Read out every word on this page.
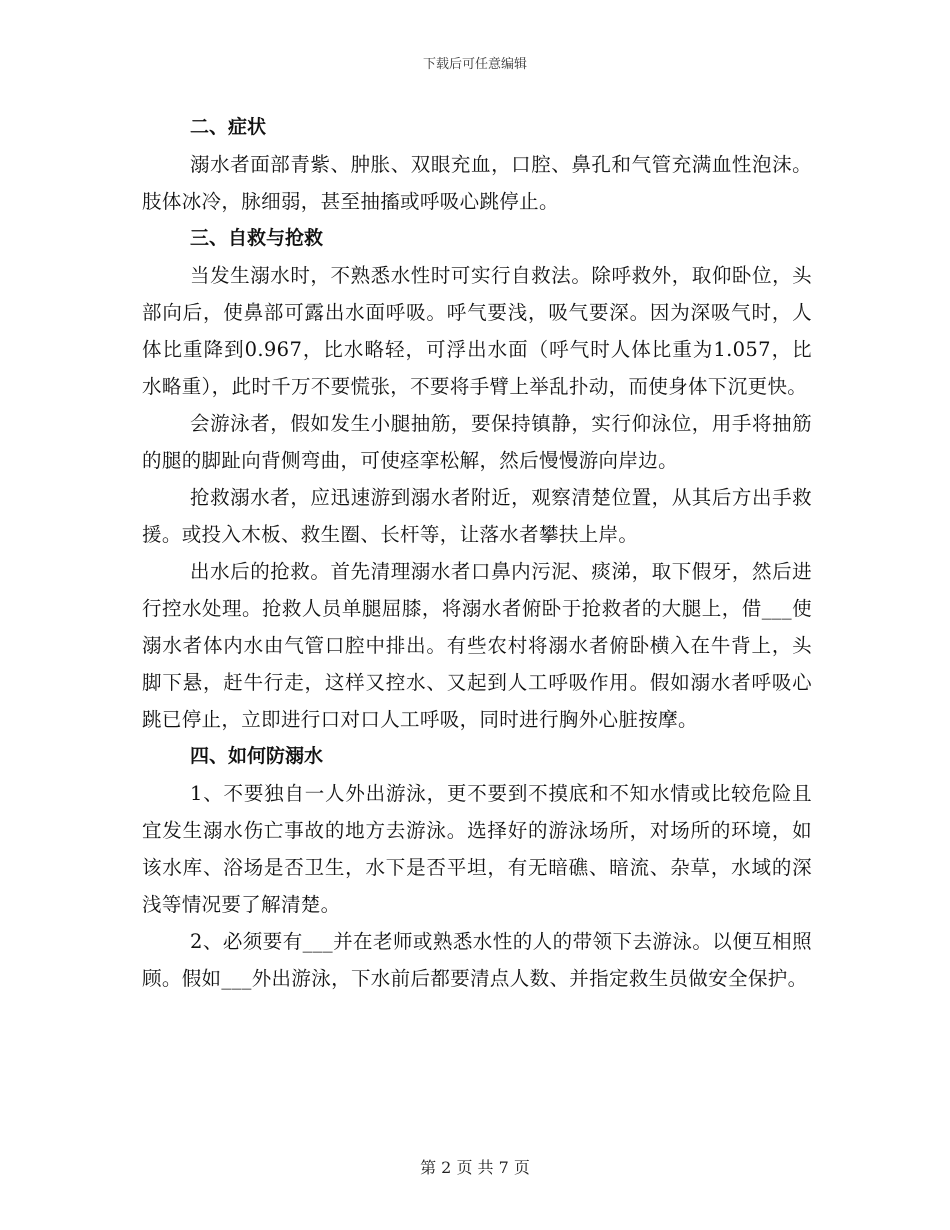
下载后可任意编辑

二、症状

溺水者面部青紫、肿胀、双眼充血，口腔、鼻孔和气管充满血性泡沫。肢体冰冷，脉细弱，甚至抽搐或呼吸心跳停止。

三、自救与抢救

当发生溺水时，不熟悉水性时可实行自救法。除呼救外，取仰卧位，头部向后，使鼻部可露出水面呼吸。呼气要浅，吸气要深。因为深吸气时，人体比重降到0.967，比水略轻，可浮出水面（呼气时人体比重为1.057，比水略重），此时千万不要慌张，不要将手臂上举乱扑动，而使身体下沉更快。

会游泳者，假如发生小腿抽筋，要保持镇静，实行仰泳位，用手将抽筋的腿的脚趾向背侧弯曲，可使痉挛松解，然后慢慢游向岸边。

抢救溺水者，应迅速游到溺水者附近，观察清楚位置，从其后方出手救援。或投入木板、救生圈、长杆等，让落水者攀扶上岸。

出水后的抢救。首先清理溺水者口鼻内污泥、痰涕，取下假牙，然后进行控水处理。抢救人员单腿屈膝，将溺水者俯卧于抢救者的大腿上，借___使溺水者体内水由气管口腔中排出。有些农村将溺水者俯卧横入在牛背上，头脚下悬，赶牛行走，这样又控水、又起到人工呼吸作用。假如溺水者呼吸心跳已停止，立即进行口对口人工呼吸，同时进行胸外心脏按摩。

四、如何防溺水

1、不要独自一人外出游泳，更不要到不摸底和不知水情或比较危险且宜发生溺水伤亡事故的地方去游泳。选择好的游泳场所，对场所的环境，如该水库、浴场是否卫生，水下是否平坦，有无暗礁、暗流、杂草，水域的深浅等情况要了解清楚。

2、必须要有___并在老师或熟悉水性的人的带领下去游泳。以便互相照顾。假如___外出游泳，下水前后都要清点人数、并指定救生员做安全保护。

第 2 页 共 7 页
